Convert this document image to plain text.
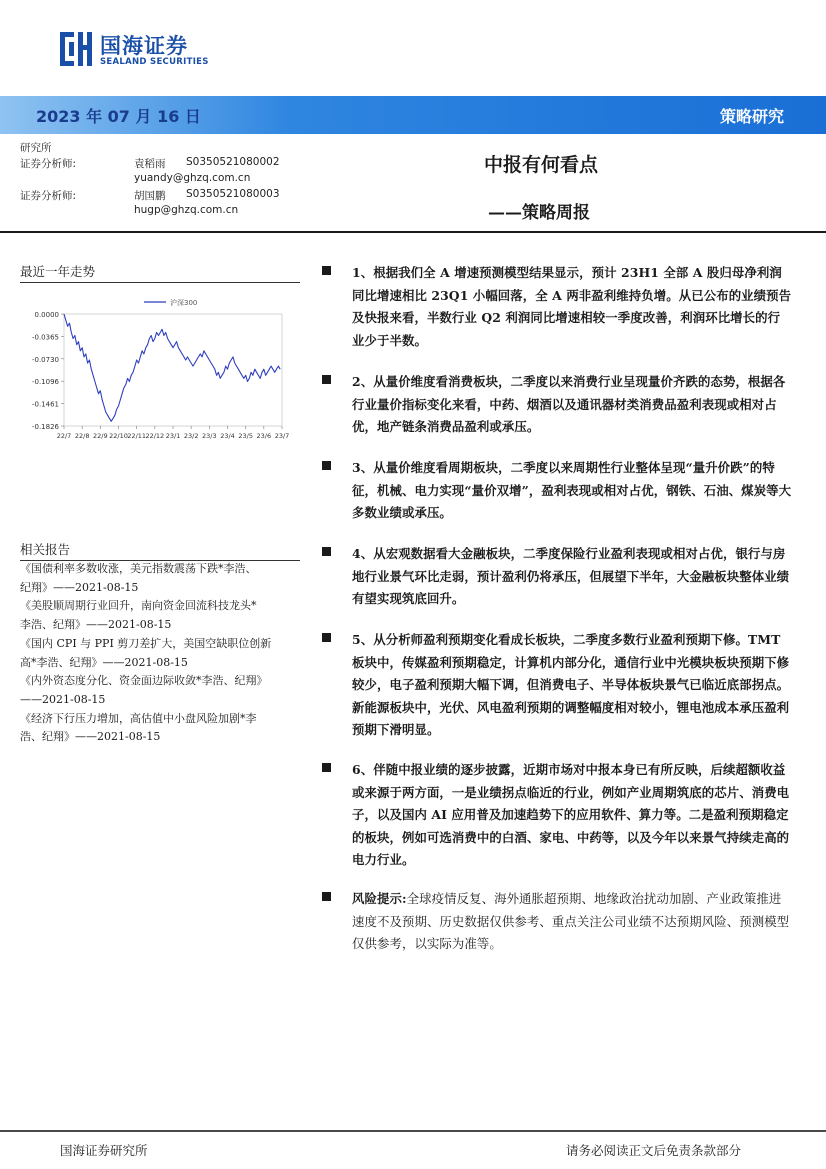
国海证券
SEALAND SECURITIES
2023 年 07 月 16 日	策略研究
研究所
证券分析师:	袁稻雨 S0350521080002
yuandy@ghzq.com.cn
证券分析师:	胡国鹏 S0350521080003
hugp@ghzq.com.cn
中报有何看点
——策略周报
最近一年走势
0.0000
-0.0365
-0.0730
-0.1096
-0.1461
-0.1826
22/7 22/8 22/9 22/10 22/11 22/12 23/1 23/2 23/3 23/4 23/5 23/6 23/7
沪深300
相关报告
《国债利率多数收涨，美元指数震荡下跌*李浩、
纪翔》——2021-08-15
《美股顺周期行业回升，南向资金回流科技龙头*
李浩、纪翔》——2021-08-15
《国内 CPI 与 PPI 剪刀差扩大，美国空缺职位创新
高*李浩、纪翔》——2021-08-15
《内外资态度分化、资金面边际收敛*李浩、纪翔》
——2021-08-15
《经济下行压力增加，高估值中小盘风险加剧*李
浩、纪翔》——2021-08-15
1、根据我们全 A 增速预测模型结果显示，预计 23H1 全部 A 股归母净利润同比增速相比 23Q1 小幅回落，全 A 两非盈利维持负增。从已公布的业绩预告及快报来看，半数行业 Q2 利润同比增速相较一季度改善，利润环比增长的行业少于半数。
2、从量价维度看消费板块，二季度以来消费行业呈现量价齐跌的态势，根据各行业量价指标变化来看，中药、烟酒以及通讯器材类消费品盈利表现或相对占优，地产链条消费品盈利或承压。
3、从量价维度看周期板块，二季度以来周期性行业整体呈现“量升价跌”的特征，机械、电力实现“量价双增”，盈利表现或相对占优，钢铁、石油、煤炭等大多数业绩或承压。
4、从宏观数据看大金融板块，二季度保险行业盈利表现或相对占优，银行与房地行业景气环比走弱，预计盈利仍将承压，但展望下半年，大金融板块整体业绩有望实现筑底回升。
5、从分析师盈利预期变化看成长板块，二季度多数行业盈利预期下修。TMT 板块中，传媒盈利预期稳定，计算机内部分化，通信行业中光模块板块预期下修较少，电子盈利预期大幅下调，但消费电子、半导体板块景气已临近底部拐点。新能源板块中，光伏、风电盈利预期的调整幅度相对较小，锂电池成本承压盈利预期下滑明显。
6、伴随中报业绩的逐步披露，近期市场对中报本身已有所反映，后续超额收益或来源于两方面，一是业绩拐点临近的行业，例如产业周期筑底的芯片、消费电子，以及国内 AI 应用普及加速趋势下的应用软件、算力等。二是盈利预期稳定的板块，例如可选消费中的白酒、家电、中药等，以及今年以来景气持续走高的电力行业。
风险提示:全球疫情反复、海外通胀超预期、地缘政治扰动加剧、产业政策推进速度不及预期、历史数据仅供参考、重点关注公司业绩不达预期风险、预测模型仅供参考，以实际为准等。
国海证券研究所	请务必阅读正文后免责条款部分
